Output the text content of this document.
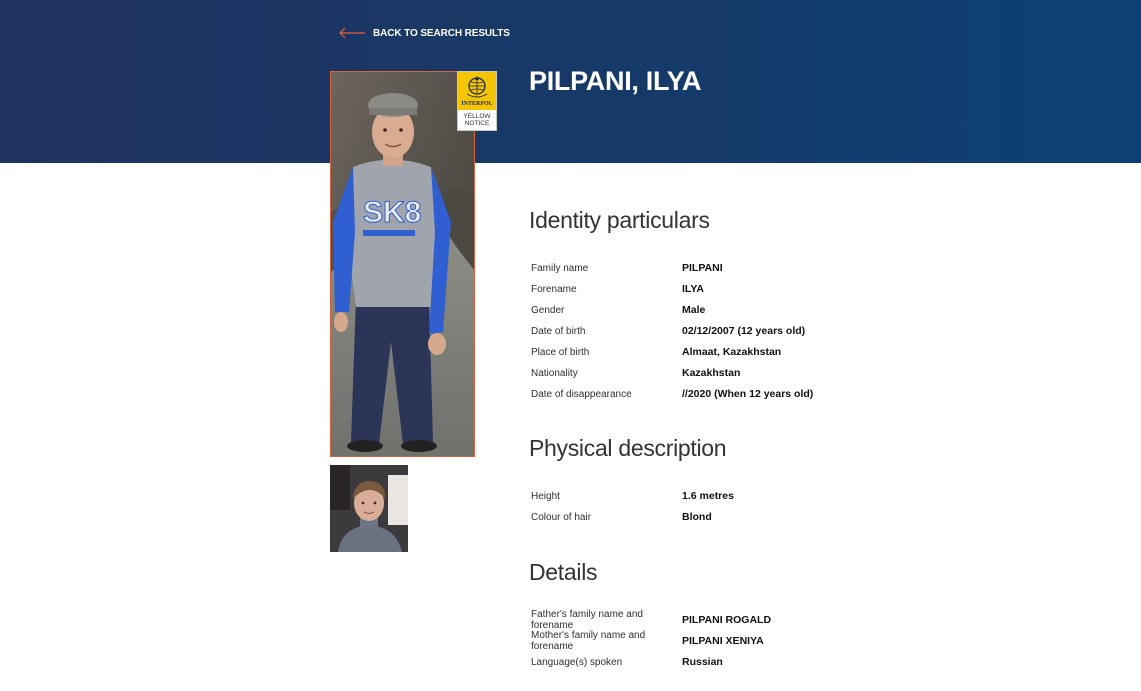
BACK TO SEARCH RESULTS
PILPANI, ILYA
SK8
INTERPOL
YELLOW
NOTICE
Identity particulars
Family name	PILPANI
Forename	ILYA
Gender	Male
Date of birth	02/12/2007 (12 years old)
Place of birth	Almaat, Kazakhstan
Nationality	Kazakhstan
Date of disappearance	//2020 (When 12 years old)
Physical description
Height	1.6 metres
Colour of hair	Blond
Details
Father's family name and forename	PILPANI ROGALD
Mother's family name and forename	PILPANI XENIYA
Language(s) spoken	Russian
